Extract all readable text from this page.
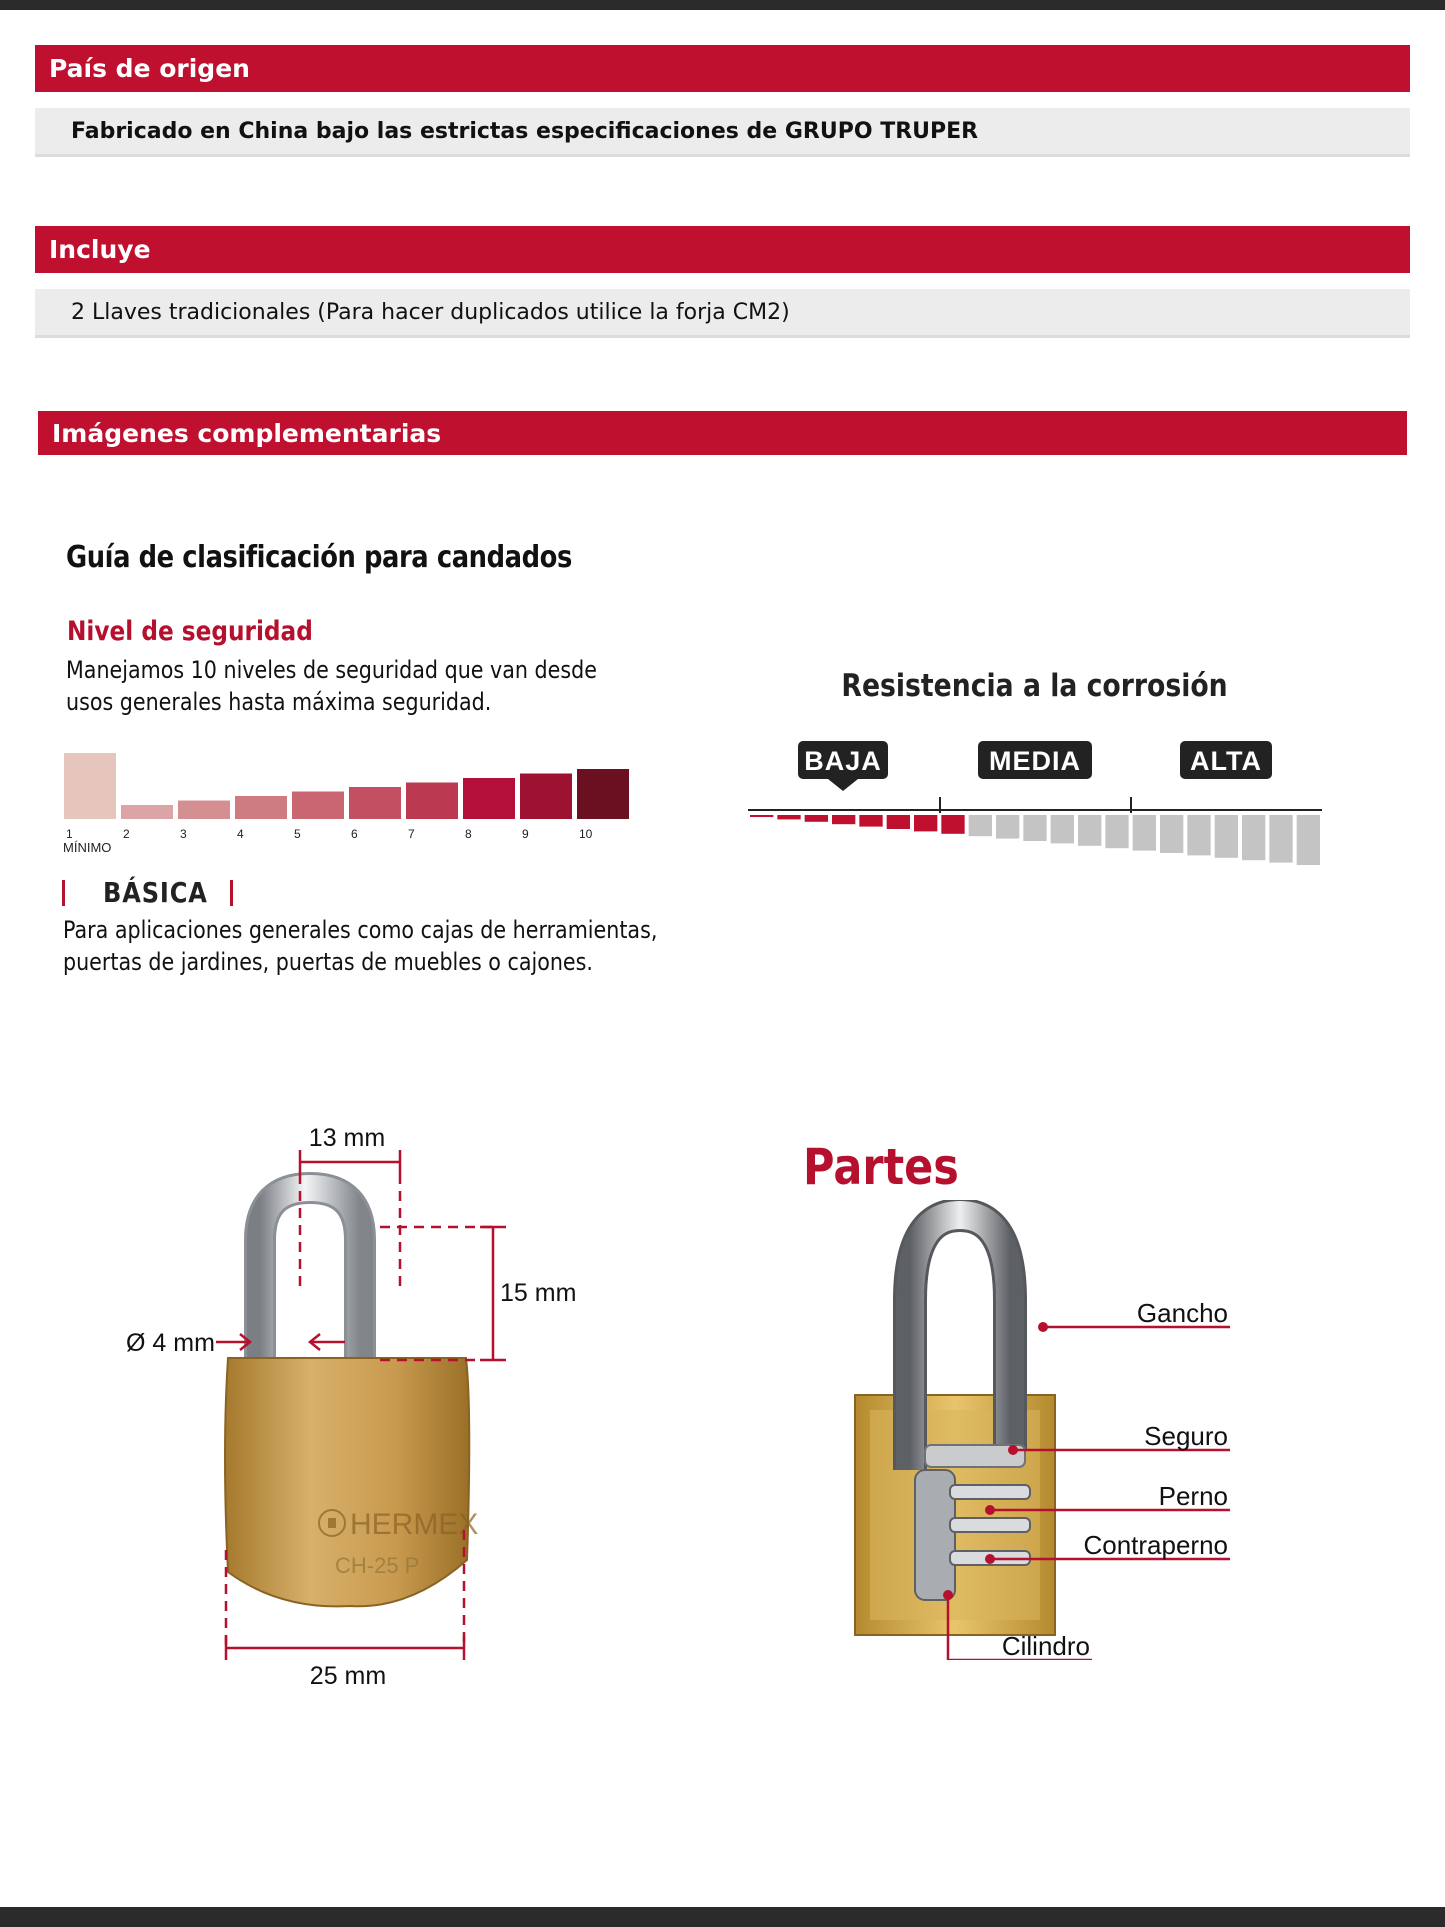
País de origen
Fabricado en China bajo las estrictas especificaciones de GRUPO TRUPER
Incluye
2 Llaves tradicionales (Para hacer duplicados utilice la forja CM2)
Imágenes complementarias
Guía de clasificación para candados
Nivel de seguridad
Manejamos 10 niveles de seguridad que van desde usos generales hasta máxima seguridad.
1	2	3	4	5	6	7	8	9	10
MÍNIMO
BÁSICA
Para aplicaciones generales como cajas de herramientas, puertas de jardines, puertas de muebles o cajones.
Resistencia a la corrosión
BAJA	MEDIA	ALTA
HERMEX
CH-25 P
13 mm
15 mm
Ø 4 mm
25 mm
Partes
Gancho
Seguro
Perno
Contraperno
Cilindro
